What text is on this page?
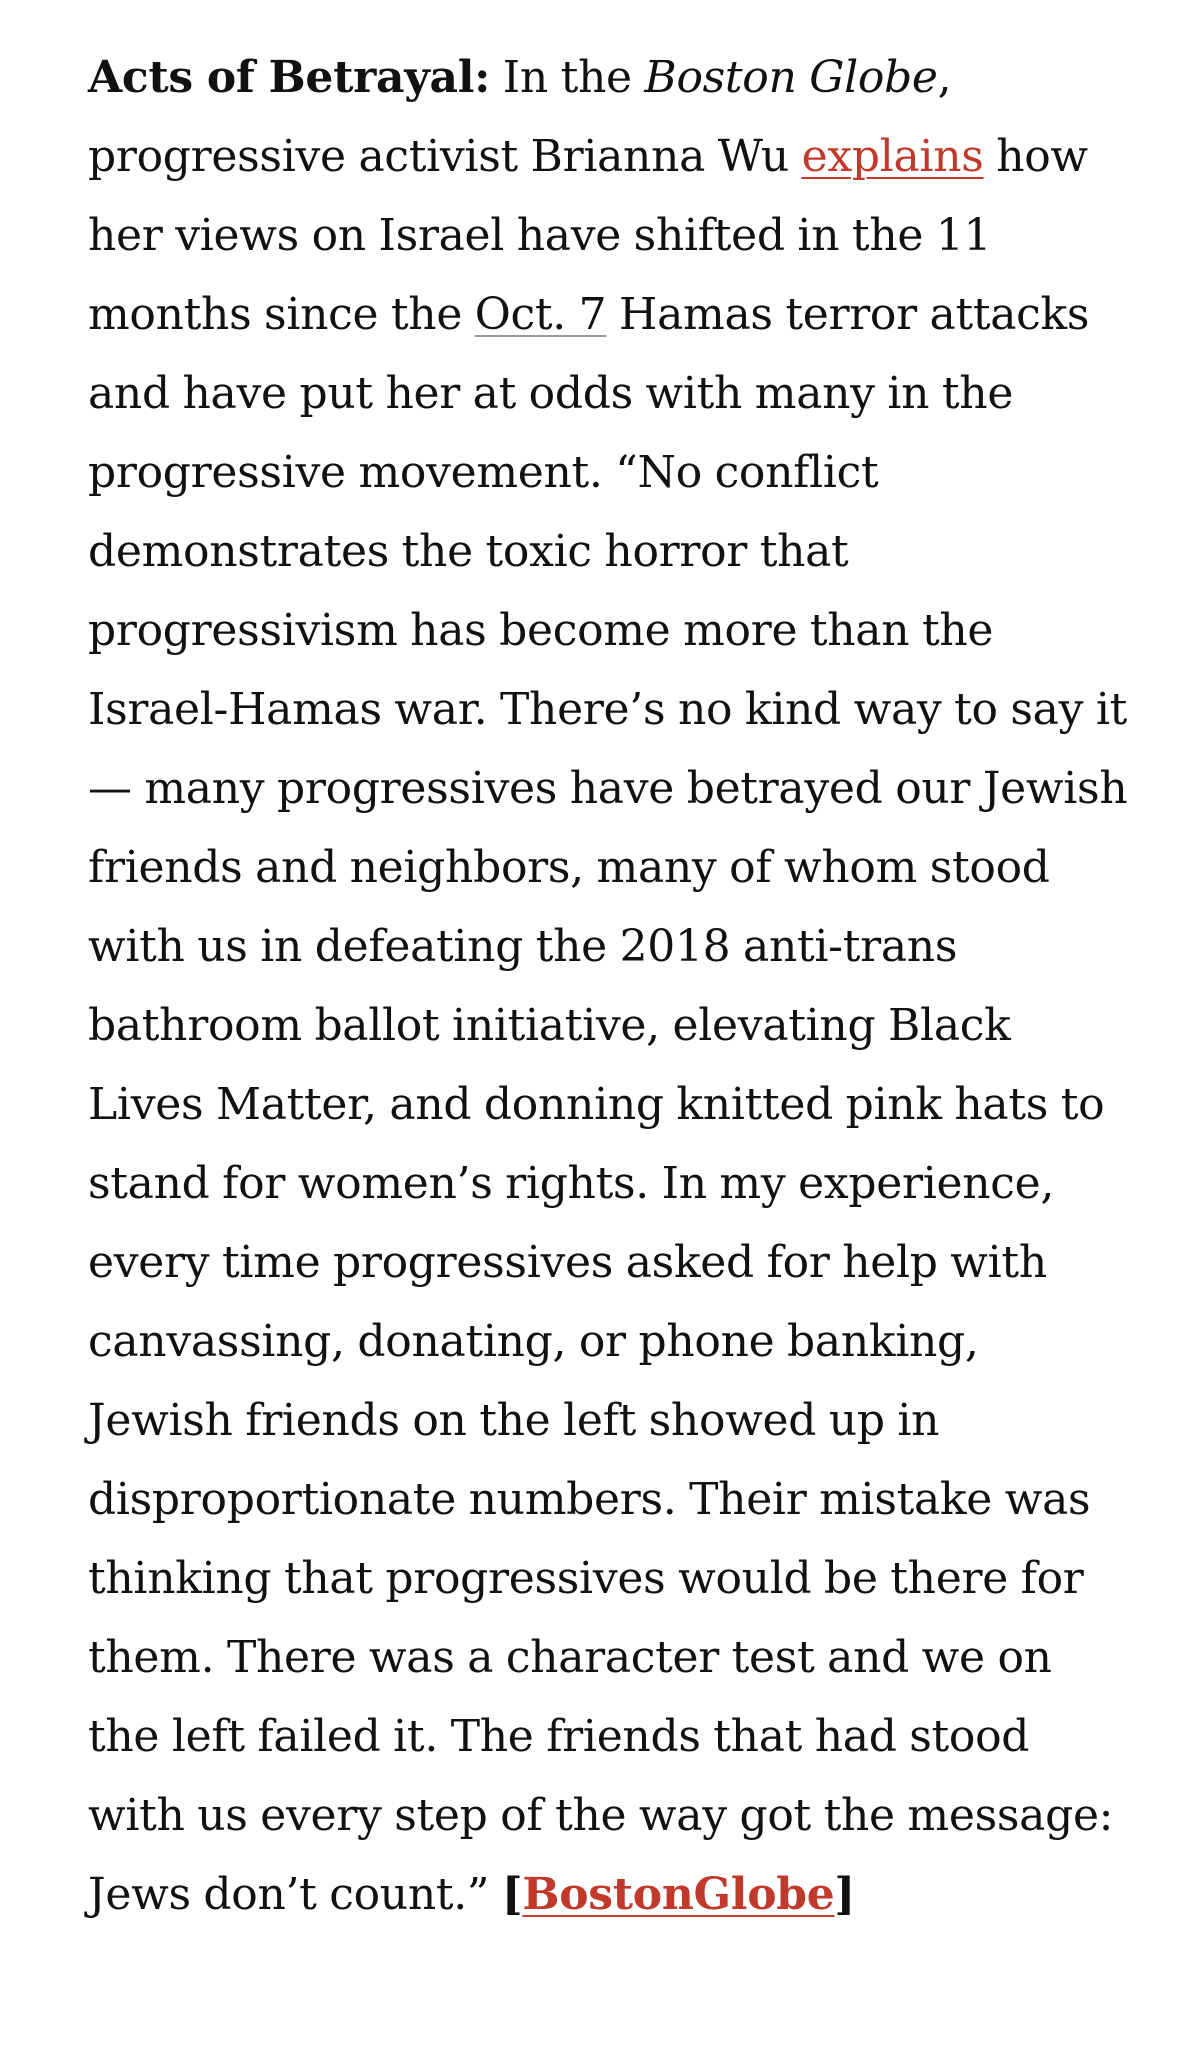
Acts of Betrayal: In the Boston Globe, progressive activist Brianna Wu explains how her views on Israel have shifted in the 11 months since the Oct. 7 Hamas terror attacks and have put her at odds with many in the progressive movement. “No conflict demonstrates the toxic horror that progressivism has become more than the Israel-Hamas war. There’s no kind way to say it — many progressives have betrayed our Jewish friends and neighbors, many of whom stood with us in defeating the 2018 anti-trans bathroom ballot initiative, elevating Black Lives Matter, and donning knitted pink hats to stand for women’s rights. In my experience, every time progressives asked for help with canvassing, donating, or phone banking, Jewish friends on the left showed up in disproportionate numbers. Their mistake was thinking that progressives would be there for them. There was a character test and we on the left failed it. The friends that had stood with us every step of the way got the message: Jews don’t count.” [BostonGlobe]
